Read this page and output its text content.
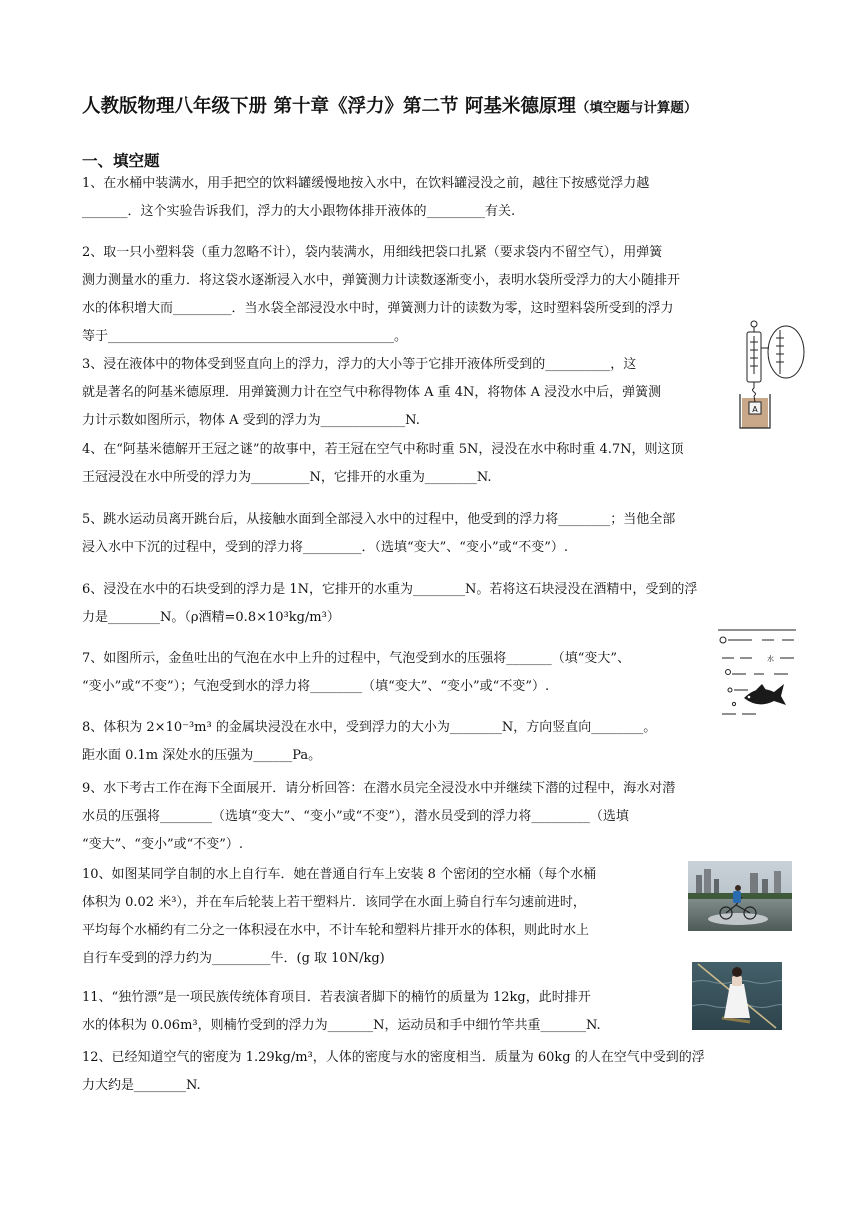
人教版物理八年级下册 第十章《浮力》第二节 阿基米德原理（填空题与计算题）
一、填空题
1、在水桶中装满水，用手把空的饮料罐缓慢地按入水中，在饮料罐浸没之前，越往下按感觉浮力越
_______．这个实验告诉我们，浮力的大小跟物体排开液体的_________有关.
2、取一只小塑料袋（重力忽略不计），袋内装满水，用细线把袋口扎紧（要求袋内不留空气），用弹簧
测力测量水的重力．将这袋水逐渐浸入水中，弹簧测力计读数逐渐变小，表明水袋所受浮力的大小随排开
水的体积增大而_________．当水袋全部浸没水中时，弹簧测力计的读数为零，这时塑料袋所受到的浮力
等于____________________________________________。
3、浸在液体中的物体受到竖直向上的浮力，浮力的大小等于它排开液体所受到的__________，这
就是著名的阿基米德原理．用弹簧测力计在空气中称得物体 A 重 4N，将物体 A 浸没水中后，弹簧测
力计示数如图所示，物体 A 受到的浮力为_____________N.
4、在“阿基米德解开王冠之谜”的故事中，若王冠在空气中称时重 5N，浸没在水中称时重 4.7N，则这顶
王冠浸没在水中所受的浮力为_________N，它排开的水重为________N.
5、跳水运动员离开跳台后，从接触水面到全部浸入水中的过程中，他受到的浮力将________；当他全部
浸入水中下沉的过程中，受到的浮力将_________．（选填“变大”、“变小”或“不变”）.
6、浸没在水中的石块受到的浮力是 1N，它排开的水重为________N。若将这石块浸没在酒精中，受到的浮
力是________N。（ρ酒精=0.8×10³kg/m³）
7、如图所示，金鱼吐出的气泡在水中上升的过程中，气泡受到水的压强将_______（填“变大”、
“变小”或“不变”）；气泡受到水的浮力将________（填“变大”、“变小”或“不变”）.
8、体积为 2×10⁻³m³ 的金属块浸没在水中，受到浮力的大小为________N，方向竖直向________。
距水面 0.1m 深处水的压强为______Pa。
9、水下考古工作在海下全面展开．请分析回答：在潜水员完全浸没水中并继续下潜的过程中，海水对潜
水员的压强将________（选填“变大”、“变小”或“不变”），潜水员受到的浮力将_________（选填
“变大”、“变小”或“不变”）.
10、如图某同学自制的水上自行车．她在普通自行车上安装 8 个密闭的空水桶（每个水桶
体积为 0.02 米³），并在车后轮装上若干塑料片．该同学在水面上骑自行车匀速前进时，
平均每个水桶约有二分之一体积浸在水中，不计车轮和塑料片排开水的体积，则此时水上
自行车受到的浮力约为_________牛．(g 取 10N/kg)
11、“独竹漂”是一项民族传统体育项目．若表演者脚下的楠竹的质量为 12kg，此时排开
水的体积为 0.06m³，则楠竹受到的浮力为_______N，运动员和手中细竹竿共重_______N.
12、已经知道空气的密度为 1.29kg/m³，人体的密度与水的密度相当．质量为 60kg 的人在空气中受到的浮
力大约是________N.
A
水
